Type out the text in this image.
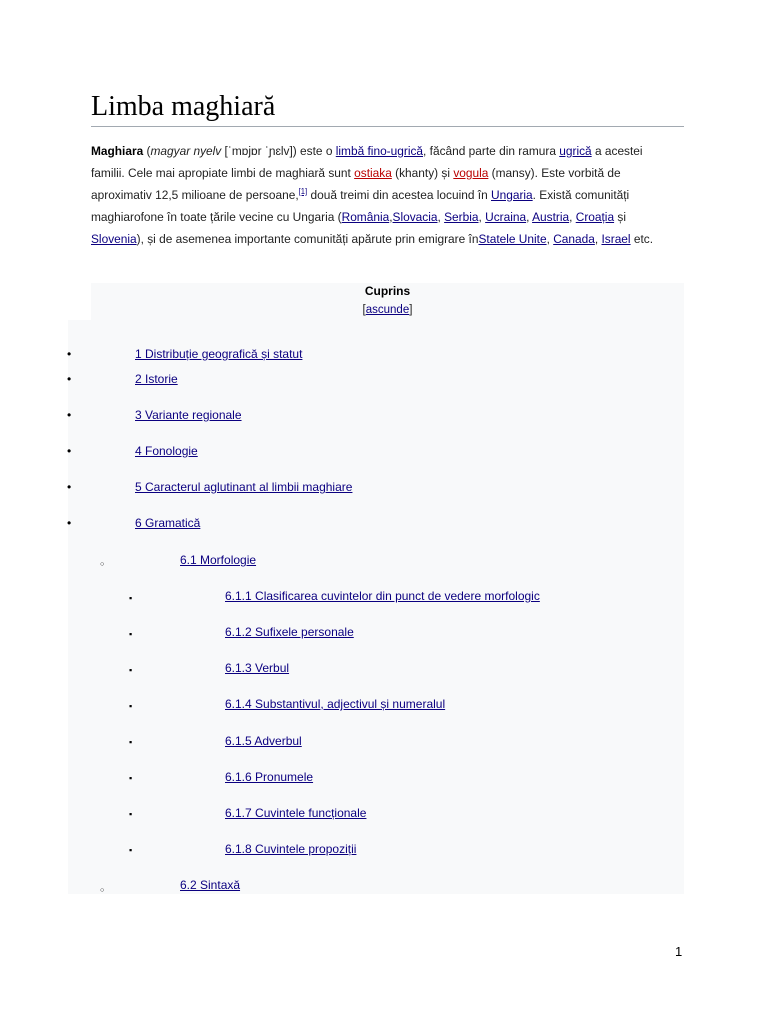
Limba maghiară

Maghiara (magyar nyelv [ˈmɒjɒr ˈɲɛlv]) este o limbă fino-ugrică, făcând parte din ramura ugrică a acestei familii. Cele mai apropiate limbi de maghiară sunt ostiaka (khanty) și vogula (mansy). Este vorbită de aproximativ 12,5 milioane de persoane,[1] două treimi din acestea locuind în Ungaria. Există comunități maghiarofone în toate țările vecine cu Ungaria (România,Slovacia, Serbia, Ucraina, Austria, Croația și Slovenia), și de asemenea importante comunități apărute prin emigrare înStatele Unite, Canada, Israel etc.

Cuprins
[ascunde]
•
1 Distribuție geografică și statut
•
2 Istorie
•
3 Variante regionale
•
4 Fonologie
•
5 Caracterul aglutinant al limbii maghiare
•
6 Gramatică
○
6.1 Morfologie
▪
6.1.1 Clasificarea cuvintelor din punct de vedere morfologic
▪
6.1.2 Sufixele personale
▪
6.1.3 Verbul
▪
6.1.4 Substantivul, adjectivul și numeralul
▪
6.1.5 Adverbul
▪
6.1.6 Pronumele
▪
6.1.7 Cuvintele funcționale
▪
6.1.8 Cuvintele propoziții
○
6.2 Sintaxă
1
